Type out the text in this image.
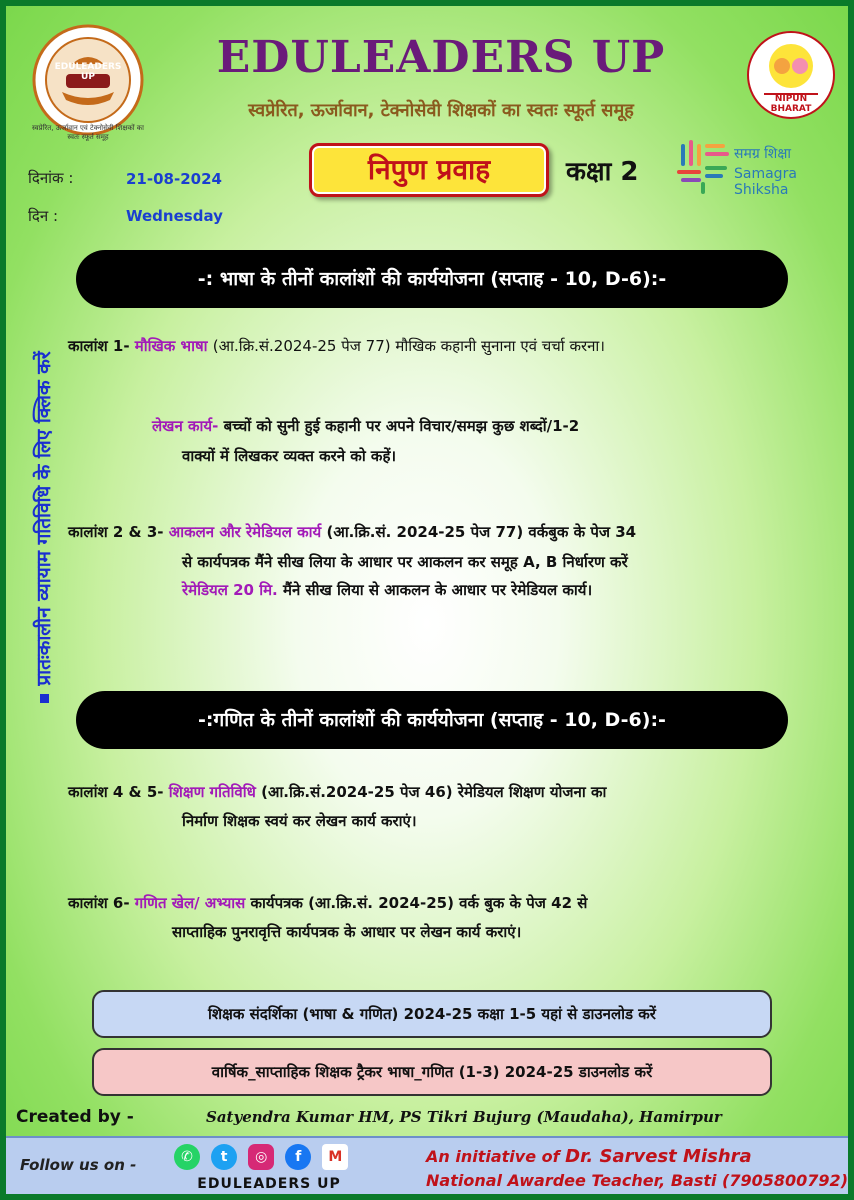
EDULEADERS UP
स्वप्रेरित, ऊर्जावान एवं टेक्नोसेवी शिक्षकों का स्वतः स्फूर्त समूह
EDULEADERS UP
स्वप्रेरित, ऊर्जावान, टेक्नोसेवी शिक्षकों का स्वतः स्फूर्त समूह
NIPUN BHARAT
दिनांक :	21-08-2024
दिन :	Wednesday
निपुण प्रवाह	कक्षा 2
समग्र शिक्षा
Samagra Shiksha
प्रातःकालीन व्यायाम गतिविधि के लिए क्लिक करें
-: भाषा के तीनों कालांशों की कार्ययोजना (सप्ताह - 10, D-6):-
कालांश 1- मौखिक भाषा (आ.क्रि.सं.2024-25 पेज 77) मौखिक कहानी सुनाना एवं चर्चा करना।
लेखन कार्य- बच्चों को सुनी हुई कहानी पर अपने विचार/समझ कुछ शब्दों/1-2
वाक्यों में लिखकर व्यक्त करने को कहें।
कालांश 2 & 3- आकलन और रेमेडियल कार्य (आ.क्रि.सं. 2024-25 पेज 77) वर्कबुक के पेज 34
से कार्यपत्रक मैंने सीख लिया के आधार पर आकलन कर समूह A, B निर्धारण करें
रेमेडियल 20 मि. मैंने सीख लिया से आकलन के आधार पर रेमेडियल कार्य।
-:गणित के तीनों कालांशों की कार्ययोजना (सप्ताह - 10, D-6):-
कालांश 4 & 5- शिक्षण गतिविधि (आ.क्रि.सं.2024-25 पेज 46) रेमेडियल शिक्षण योजना का
निर्माण शिक्षक स्वयं कर लेखन कार्य कराएं।
कालांश 6- गणित खेल/ अभ्यास कार्यपत्रक (आ.क्रि.सं. 2024-25) वर्क बुक के पेज 42 से
साप्ताहिक पुनरावृत्ति कार्यपत्रक के आधार पर लेखन कार्य कराएं।
शिक्षक संदर्शिका (भाषा & गणित) 2024-25 कक्षा 1-5 यहां से डाउनलोड करें
वार्षिक_साप्ताहिक शिक्षक ट्रैकर भाषा_गणित (1-3) 2024-25 डाउनलोड करें
Created by -	Satyendra Kumar HM, PS Tikri Bujurg (Maudaha), Hamirpur
Follow us on -	✆ t ◎ f M
EDULEADERS UP
An initiative of Dr. Sarvest Mishra
National Awardee Teacher, Basti (7905800792)
